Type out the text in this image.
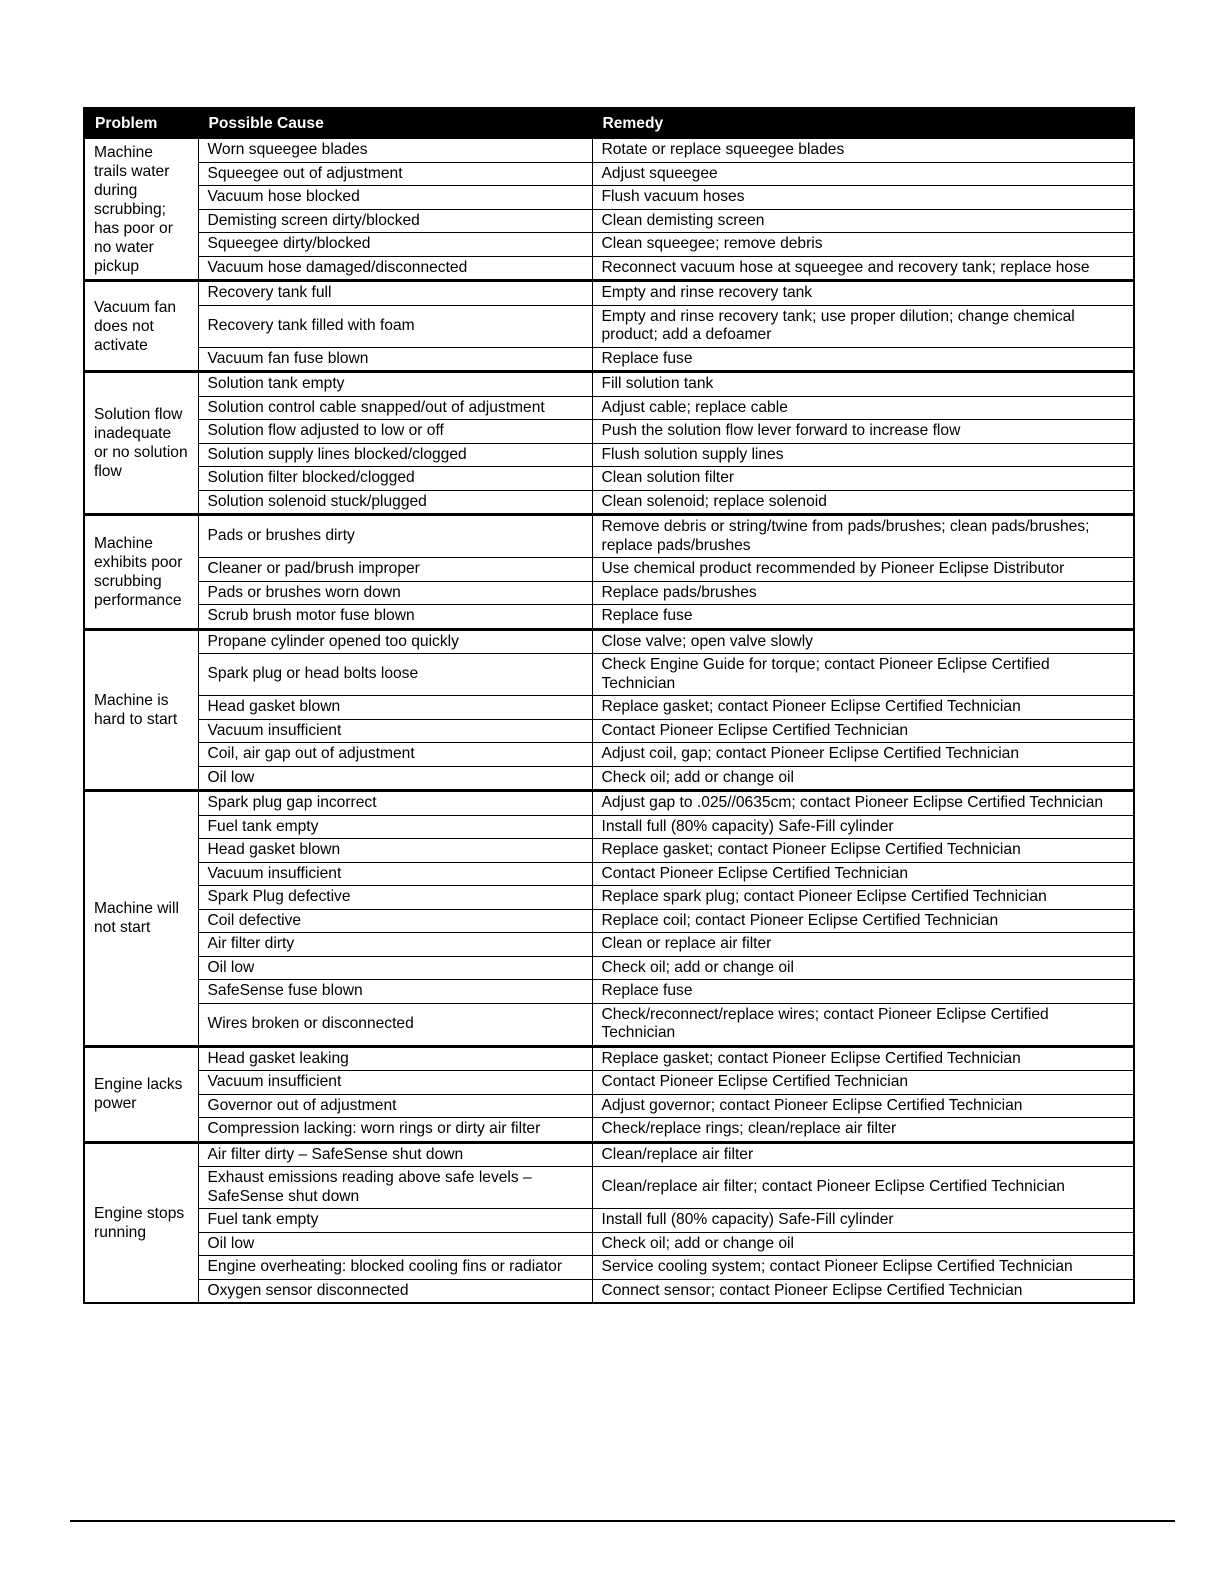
Problem	Possible Cause	Remedy
Machine trails water during scrubbing; has poor or no water pickup	Worn squeegee blades	Rotate or replace squeegee blades
	Squeegee out of adjustment	Adjust squeegee
	Vacuum hose blocked	Flush vacuum hoses
	Demisting screen dirty/blocked	Clean demisting screen
	Squeegee dirty/blocked	Clean squeegee; remove debris
	Vacuum hose damaged/disconnected	Reconnect vacuum hose at squeegee and recovery tank; replace hose
Vacuum fan does not activate	Recovery tank full	Empty and rinse recovery tank
	Recovery tank filled with foam	Empty and rinse recovery tank; use proper dilution; change chemical product; add a defoamer
	Vacuum fan fuse blown	Replace fuse
Solution flow inadequate or no solution flow	Solution tank empty	Fill solution tank
	Solution control cable snapped/out of adjustment	Adjust cable; replace cable
	Solution flow adjusted to low or off	Push the solution flow lever forward to increase flow
	Solution supply lines blocked/clogged	Flush solution supply lines
	Solution filter blocked/clogged	Clean solution filter
	Solution solenoid stuck/plugged	Clean solenoid; replace solenoid
Machine exhibits poor scrubbing performance	Pads or brushes dirty	Remove debris or string/twine from pads/brushes; clean pads/brushes; replace pads/brushes
	Cleaner or pad/brush improper	Use chemical product recommended by Pioneer Eclipse Distributor
	Pads or brushes worn down	Replace pads/brushes
	Scrub brush motor fuse blown	Replace fuse
Machine is hard to start	Propane cylinder opened too quickly	Close valve; open valve slowly
	Spark plug or head bolts loose	Check Engine Guide for torque; contact Pioneer Eclipse Certified Technician
	Head gasket blown	Replace gasket; contact Pioneer Eclipse Certified Technician
	Vacuum insufficient	Contact Pioneer Eclipse Certified Technician
	Coil, air gap out of adjustment	Adjust coil, gap; contact Pioneer Eclipse Certified Technician
	Oil low	Check oil; add or change oil
Machine will not start	Spark plug gap incorrect	Adjust gap to .025//0635cm; contact Pioneer Eclipse Certified Technician
	Fuel tank empty	Install full (80% capacity) Safe-Fill cylinder
	Head gasket blown	Replace gasket; contact Pioneer Eclipse Certified Technician
	Vacuum insufficient	Contact Pioneer Eclipse Certified Technician
	Spark Plug defective	Replace spark plug; contact Pioneer Eclipse Certified Technician
	Coil defective	Replace coil; contact Pioneer Eclipse Certified Technician
	Air filter dirty	Clean or replace air filter
	Oil low	Check oil; add or change oil
	SafeSense fuse blown	Replace fuse
	Wires broken or disconnected	Check/reconnect/replace wires; contact Pioneer Eclipse Certified Technician
Engine lacks power	Head gasket leaking	Replace gasket; contact Pioneer Eclipse Certified Technician
	Vacuum insufficient	Contact Pioneer Eclipse Certified Technician
	Governor out of adjustment	Adjust governor; contact Pioneer Eclipse Certified Technician
	Compression lacking: worn rings or dirty air filter	Check/replace rings; clean/replace air filter
Engine stops running	Air filter dirty – SafeSense shut down	Clean/replace air filter
	Exhaust emissions reading above safe levels – SafeSense shut down	Clean/replace air filter; contact Pioneer Eclipse Certified Technician
	Fuel tank empty	Install full (80% capacity) Safe-Fill cylinder
	Oil low	Check oil; add or change oil
	Engine overheating: blocked cooling fins or radiator	Service cooling system; contact Pioneer Eclipse Certified Technician
	Oxygen sensor disconnected	Connect sensor; contact Pioneer Eclipse Certified Technician
